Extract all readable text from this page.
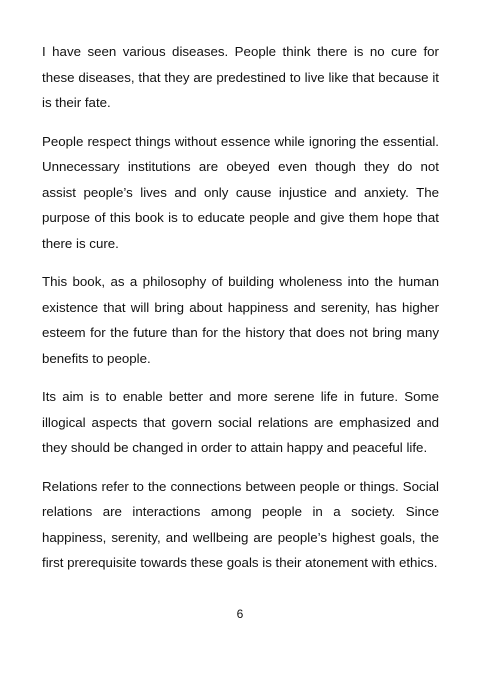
I have seen various diseases. People think there is no cure for these diseases, that they are predestined to live like that because it is their fate.

People respect things without essence while ignoring the essential. Unnecessary institutions are obeyed even though they do not assist people’s lives and only cause injustice and anxiety. The purpose of this book is to educate people and give them hope that there is cure.

This book, as a philosophy of building wholeness into the human existence that will bring about happiness and serenity, has higher esteem for the future than for the history that does not bring many benefits to people.

Its aim is to enable better and more serene life in future. Some illogical aspects that govern social relations are emphasized and they should be changed in order to attain happy and peaceful life.

Relations refer to the connections between people or things. Social relations are interactions among people in a society. Since happiness, serenity, and wellbeing are people’s highest goals, the first prerequisite towards these goals is their atonement with ethics.

6
